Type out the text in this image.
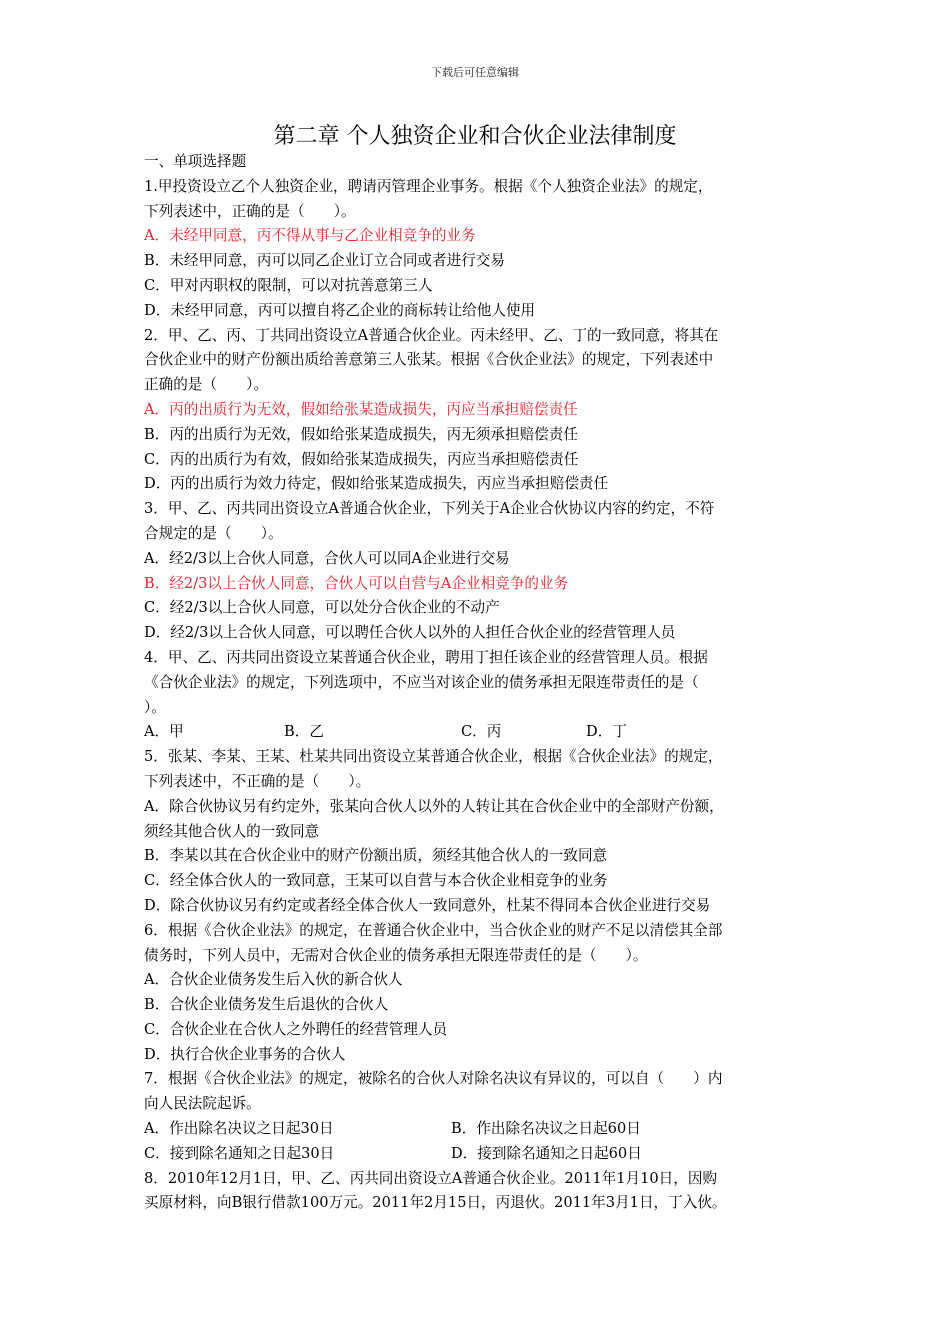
下载后可任意编辑
第二章 个人独资企业和合伙企业法律制度
一、单项选择题
1.甲投资设立乙个人独资企业，聘请丙管理企业事务。根据《个人独资企业法》的规定，
下列表述中，正确的是（　　）。
A．未经甲同意，丙不得从事与乙企业相竞争的业务
B．未经甲同意，丙可以同乙企业订立合同或者进行交易
C．甲对丙职权的限制，可以对抗善意第三人
D．未经甲同意，丙可以擅自将乙企业的商标转让给他人使用
2．甲、乙、丙、丁共同出资设立A普通合伙企业。丙未经甲、乙、丁的一致同意，将其在
合伙企业中的财产份额出质给善意第三人张某。根据《合伙企业法》的规定，下列表述中
正确的是（　　）。
A．丙的出质行为无效，假如给张某造成损失，丙应当承担赔偿责任
B．丙的出质行为无效，假如给张某造成损失，丙无须承担赔偿责任
C．丙的出质行为有效，假如给张某造成损失，丙应当承担赔偿责任
D．丙的出质行为效力待定，假如给张某造成损失，丙应当承担赔偿责任
3．甲、乙、丙共同出资设立A普通合伙企业，下列关于A企业合伙协议内容的约定，不符
合规定的是（　　）。
A．经2/3以上合伙人同意，合伙人可以同A企业进行交易
B．经2/3以上合伙人同意，合伙人可以自营与A企业相竞争的业务
C．经2/3以上合伙人同意，可以处分合伙企业的不动产
D．经2/3以上合伙人同意，可以聘任合伙人以外的人担任合伙企业的经营管理人员
4．甲、乙、丙共同出资设立某普通合伙企业，聘用丁担任该企业的经营管理人员。根据
《合伙企业法》的规定，下列选项中，不应当对该企业的债务承担无限连带责任的是（
）。
A．甲	B．乙	C．丙	D．丁
5．张某、李某、王某、杜某共同出资设立某普通合伙企业，根据《合伙企业法》的规定，
下列表述中，不正确的是（　　）。
A．除合伙协议另有约定外，张某向合伙人以外的人转让其在合伙企业中的全部财产份额，
须经其他合伙人的一致同意
B．李某以其在合伙企业中的财产份额出质，须经其他合伙人的一致同意
C．经全体合伙人的一致同意，王某可以自营与本合伙企业相竞争的业务
D．除合伙协议另有约定或者经全体合伙人一致同意外，杜某不得同本合伙企业进行交易
6．根据《合伙企业法》的规定，在普通合伙企业中，当合伙企业的财产不足以清偿其全部
债务时，下列人员中，无需对合伙企业的债务承担无限连带责任的是（　　）。
A．合伙企业债务发生后入伙的新合伙人
B．合伙企业债务发生后退伙的合伙人
C．合伙企业在合伙人之外聘任的经营管理人员
D．执行合伙企业事务的合伙人
7．根据《合伙企业法》的规定，被除名的合伙人对除名决议有异议的，可以自（　　）内
向人民法院起诉。
A．作出除名决议之日起30日	B．作出除名决议之日起60日
C．接到除名通知之日起30日	D．接到除名通知之日起60日
8．2010年12月1日，甲、乙、丙共同出资设立A普通合伙企业。2011年1月10日，因购
买原材料，向B银行借款100万元。2011年2月15日，丙退伙。2011年3月1日，丁入伙。
